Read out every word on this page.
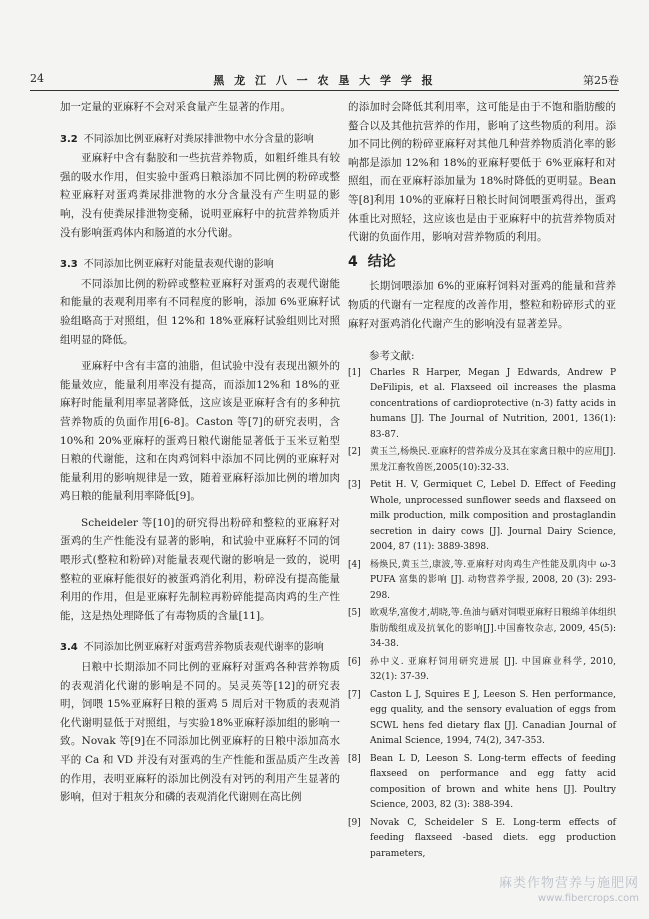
24	黑 龙 江 八 一 农 垦 大 学 学 报	第25卷

加一定量的亚麻籽不会对采食量产生显著的作用。

3.2 不同添加比例亚麻籽对粪尿排泄物中水分含量的影响

亚麻籽中含有黏胶和一些抗营养物质，如粗纤维具有较强的吸水作用，但实验中蛋鸡日粮添加不同比例的粉碎或整粒亚麻籽对蛋鸡粪尿排泄物的水分含量没有产生明显的影响，没有使粪尿排泄物变稀，说明亚麻籽中的抗营养物质并没有影响蛋鸡体内和肠道的水分代谢。

3.3 不同添加比例亚麻籽对能量表观代谢的影响

不同添加比例的粉碎或整粒亚麻籽对蛋鸡的表观代谢能和能量的表观利用率有不同程度的影响，添加 6%亚麻籽试验组略高于对照组，但 12%和 18%亚麻籽试验组则比对照组明显的降低。

亚麻籽中含有丰富的油脂，但试验中没有表现出额外的能量效应，能量利用率没有提高，而添加12%和 18%的亚麻籽时能量利用率显著降低，这应该是亚麻籽含有的多种抗营养物质的负面作用[6-8]。Caston 等[7]的研究表明，含 10%和 20%亚麻籽的蛋鸡日粮代谢能显著低于玉米豆粕型日粮的代谢能，这和在肉鸡饲料中添加不同比例的亚麻籽对能量利用的影响规律是一致，随着亚麻籽添加比例的增加肉鸡日粮的能量利用率降低[9]。

Scheideler 等[10]的研究得出粉碎和整粒的亚麻籽对蛋鸡的生产性能没有显著的影响，和试验中亚麻籽不同的饲喂形式(整粒和粉碎)对能量表观代谢的影响是一致的，说明整粒的亚麻籽能很好的被蛋鸡消化利用，粉碎没有提高能量利用的作用，但是亚麻籽先制粒再粉碎能提高肉鸡的生产性能，这是热处理降低了有毒物质的含量[11]。

3.4 不同添加比例亚麻籽对蛋鸡营养物质表观代谢率的影响

日粮中长期添加不同比例的亚麻籽对蛋鸡各种营养物质的表观消化代谢的影响是不同的。吴灵英等[12]的研究表明，饲喂 15%亚麻籽日粮的蛋鸡 5 周后对干物质的表观消化代谢明显低于对照组，与实验18%亚麻籽添加组的影响一致。Novak 等[9]在不同添加比例亚麻籽的日粮中添加高水平的 Ca 和 VD 并没有对蛋鸡的生产性能和蛋品质产生改善的作用，表明亚麻籽的添加比例没有对钙的利用产生显著的影响，但对于粗灰分和磷的表观消化代谢则在高比例

的添加时会降低其利用率，这可能是由于不饱和脂肪酸的螯合以及其他抗营养的作用，影响了这些物质的利用。添加不同比例的粉碎亚麻籽对其他几种营养物质消化率的影响都是添加 12%和 18%的亚麻籽要低于 6%亚麻籽和对照组，而在亚麻籽添加量为 18%时降低的更明显。Bean 等[8]利用 10%的亚麻籽日粮长时间饲喂蛋鸡得出，蛋鸡体重比对照轻，这应该也是由于亚麻籽中的抗营养物质对代谢的负面作用，影响对营养物质的利用。

4 结论

长期饲喂添加 6%的亚麻籽饲料对蛋鸡的能量和营养物质的代谢有一定程度的改善作用，整粒和粉碎形式的亚麻籽对蛋鸡消化代谢产生的影响没有显著差异。

参考文献:
[1]	Charles R Harper, Megan J Edwards, Andrew P DeFilipis, et al. Flaxseed oil increases the plasma concentrations of cardioprotective (n-3) fatty acids in humans [J]. The Journal of Nutrition, 2001, 136(1): 83-87.
[2]	黄玉兰,杨焕民.亚麻籽的营养成分及其在家禽日粮中的应用[J].黑龙江畜牧兽医,2005(10):32-33.
[3]	Petit H. V, Germiquet C, Lebel D. Effect of Feeding Whole, unprocessed sunflower seeds and flaxseed on milk production, milk composition and prostaglandin secretion in dairy cows [J]. Journal Dairy Science, 2004, 87 (11): 3889-3898.
[4]	杨焕民,黄玉兰,康波,等.亚麻籽对肉鸡生产性能及肌肉中 ω-3 PUFA 富集的影响 [J]. 动物营养学报, 2008, 20 (3): 293-298.
[5]	欧观华,富俊才,胡晓,等.鱼油与硒对饲喂亚麻籽日粮绵羊体组织脂肪酸组成及抗氧化的影响[J].中国畜牧杂志, 2009, 45(5): 34-38.
[6]	孙中义. 亚麻籽饲用研究进展 [J]. 中国麻业科学, 2010, 32(1): 37-39.
[7]	Caston L J, Squires E J, Leeson S. Hen performance, egg quality, and the sensory evaluation of eggs from SCWL hens fed dietary flax [J]. Canadian Journal of Animal Science, 1994, 74(2), 347-353.
[8]	Bean L D, Leeson S. Long-term effects of feeding flaxseed on performance and egg fatty acid composition of brown and white hens [J]. Poultry Science, 2003, 82 (3): 388-394.
[9]	Novak C, Scheideler S E. Long-term effects of feeding flaxseed -based diets. egg production parameters,
麻类作物营养与施肥网
www.fibercrops.com
